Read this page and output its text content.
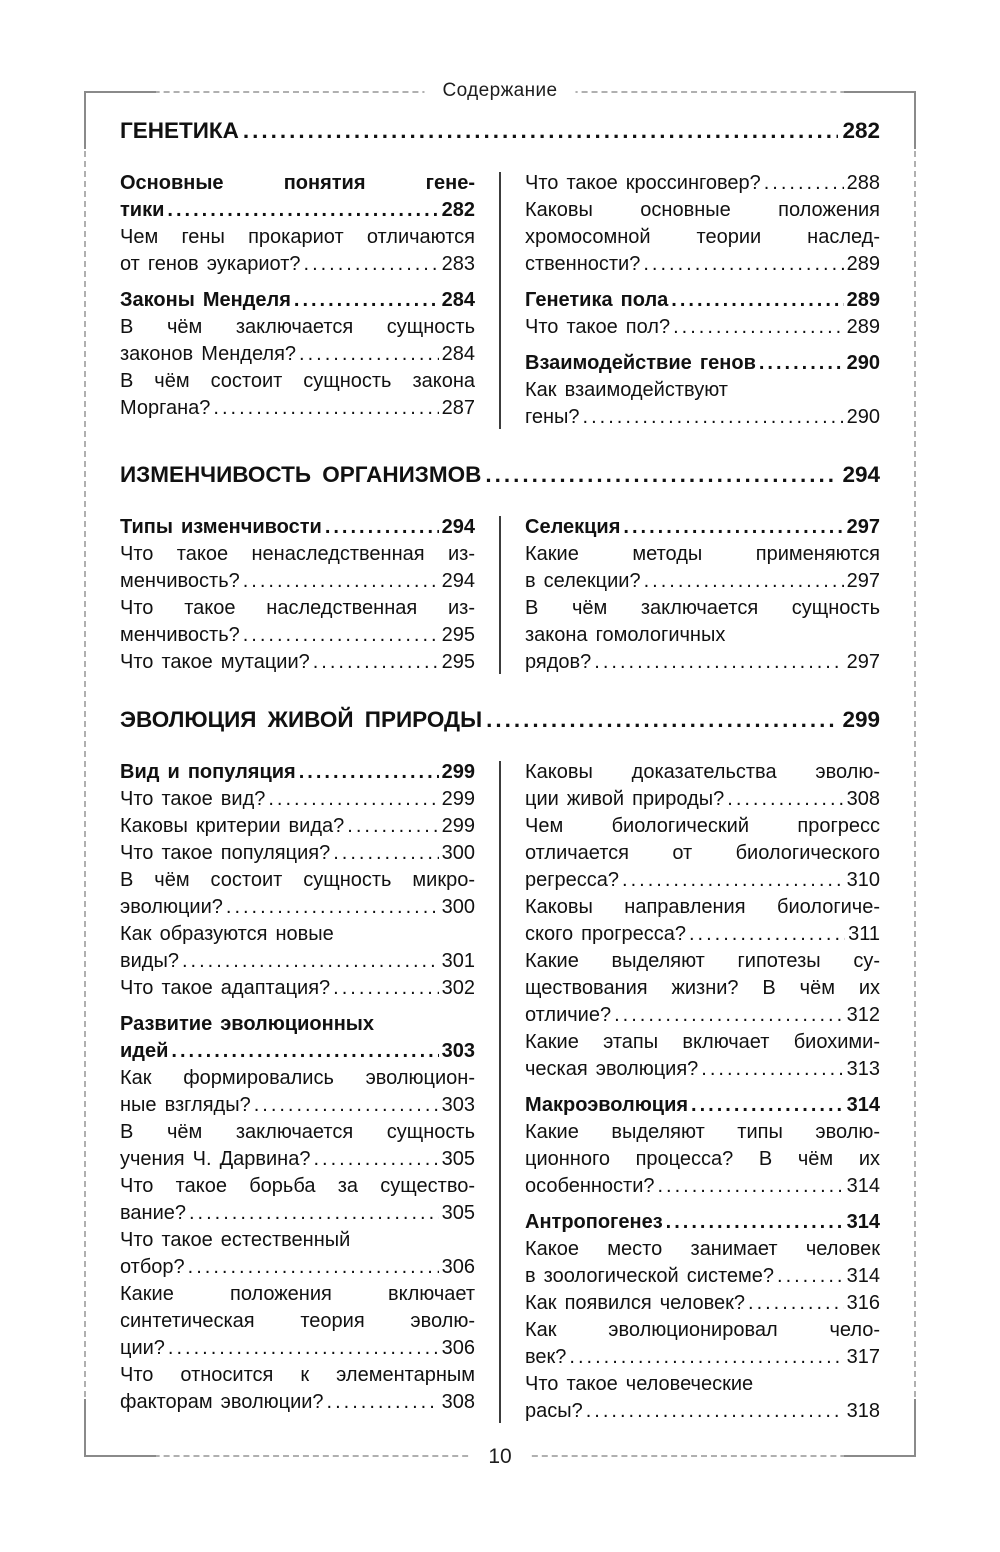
Содержание
ГЕНЕТИКА .....	282
Основные понятия гене-
тики .....	282
Чем гены прокариот отличаются
от генов эукариот? .....	283
Законы Менделя .....	284
В чём заключается сущность
законов Менделя? .....	284
В чём состоит сущность закона
Моргана? .....	287
Что такое кроссинговер? .....	288
Каковы основные положения
хромосомной теории наслед-
ственности? .....	289
Генетика пола .....	289
Что такое пол? .....	289
Взаимодействие генов .....	290
Как взаимодействуют
гены? .....	290
ИЗМЕНЧИВОСТЬ ОРГАНИЗМОВ .....	294
Типы изменчивости .....	294
Что такое ненаследственная из-
менчивость? .....	294
Что такое наследственная из-
менчивость? .....	295
Что такое мутации? .....	295
Селекция .....	297
Какие методы применяются
в селекции? .....	297
В чём заключается сущность
закона гомологичных
рядов? .....	297
ЭВОЛЮЦИЯ ЖИВОЙ ПРИРОДЫ .....	299
Вид и популяция .....	299
Что такое вид? .....	299
Каковы критерии вида? .....	299
Что такое популяция? .....	300
В чём состоит сущность микро-
эволюции? .....	300
Как образуются новые
виды? .....	301
Что такое адаптация? .....	302
Развитие эволюционных
идей .....	303
Как формировались эволюцион-
ные взгляды? .....	303
В чём заключается сущность
учения Ч. Дарвина? .....	305
Что такое борьба за существо-
вание? .....	305
Что такое естественный
отбор? .....	306
Какие положения включает
синтетическая теория эволю-
ции? .....	306
Что относится к элементарным
факторам эволюции? .....	308
Каковы доказательства эволю-
ции живой природы? .....	308
Чем биологический прогресс
отличается от биологического
регресса? .....	310
Каковы направления биологиче-
ского прогресса? .....	311
Какие выделяют гипотезы су-
ществования жизни? В чём их
отличие? .....	312
Какие этапы включает биохими-
ческая эволюция? .....	313
Макроэволюция .....	314
Какие выделяют типы эволю-
ционного процесса? В чём их
особенности? .....	314
Антропогенез .....	314
Какое место занимает человек
в зоологической системе? .....	314
Как появился человек? .....	316
Как эволюционировал чело-
век? .....	317
Что такое человеческие
расы? .....	318
10
